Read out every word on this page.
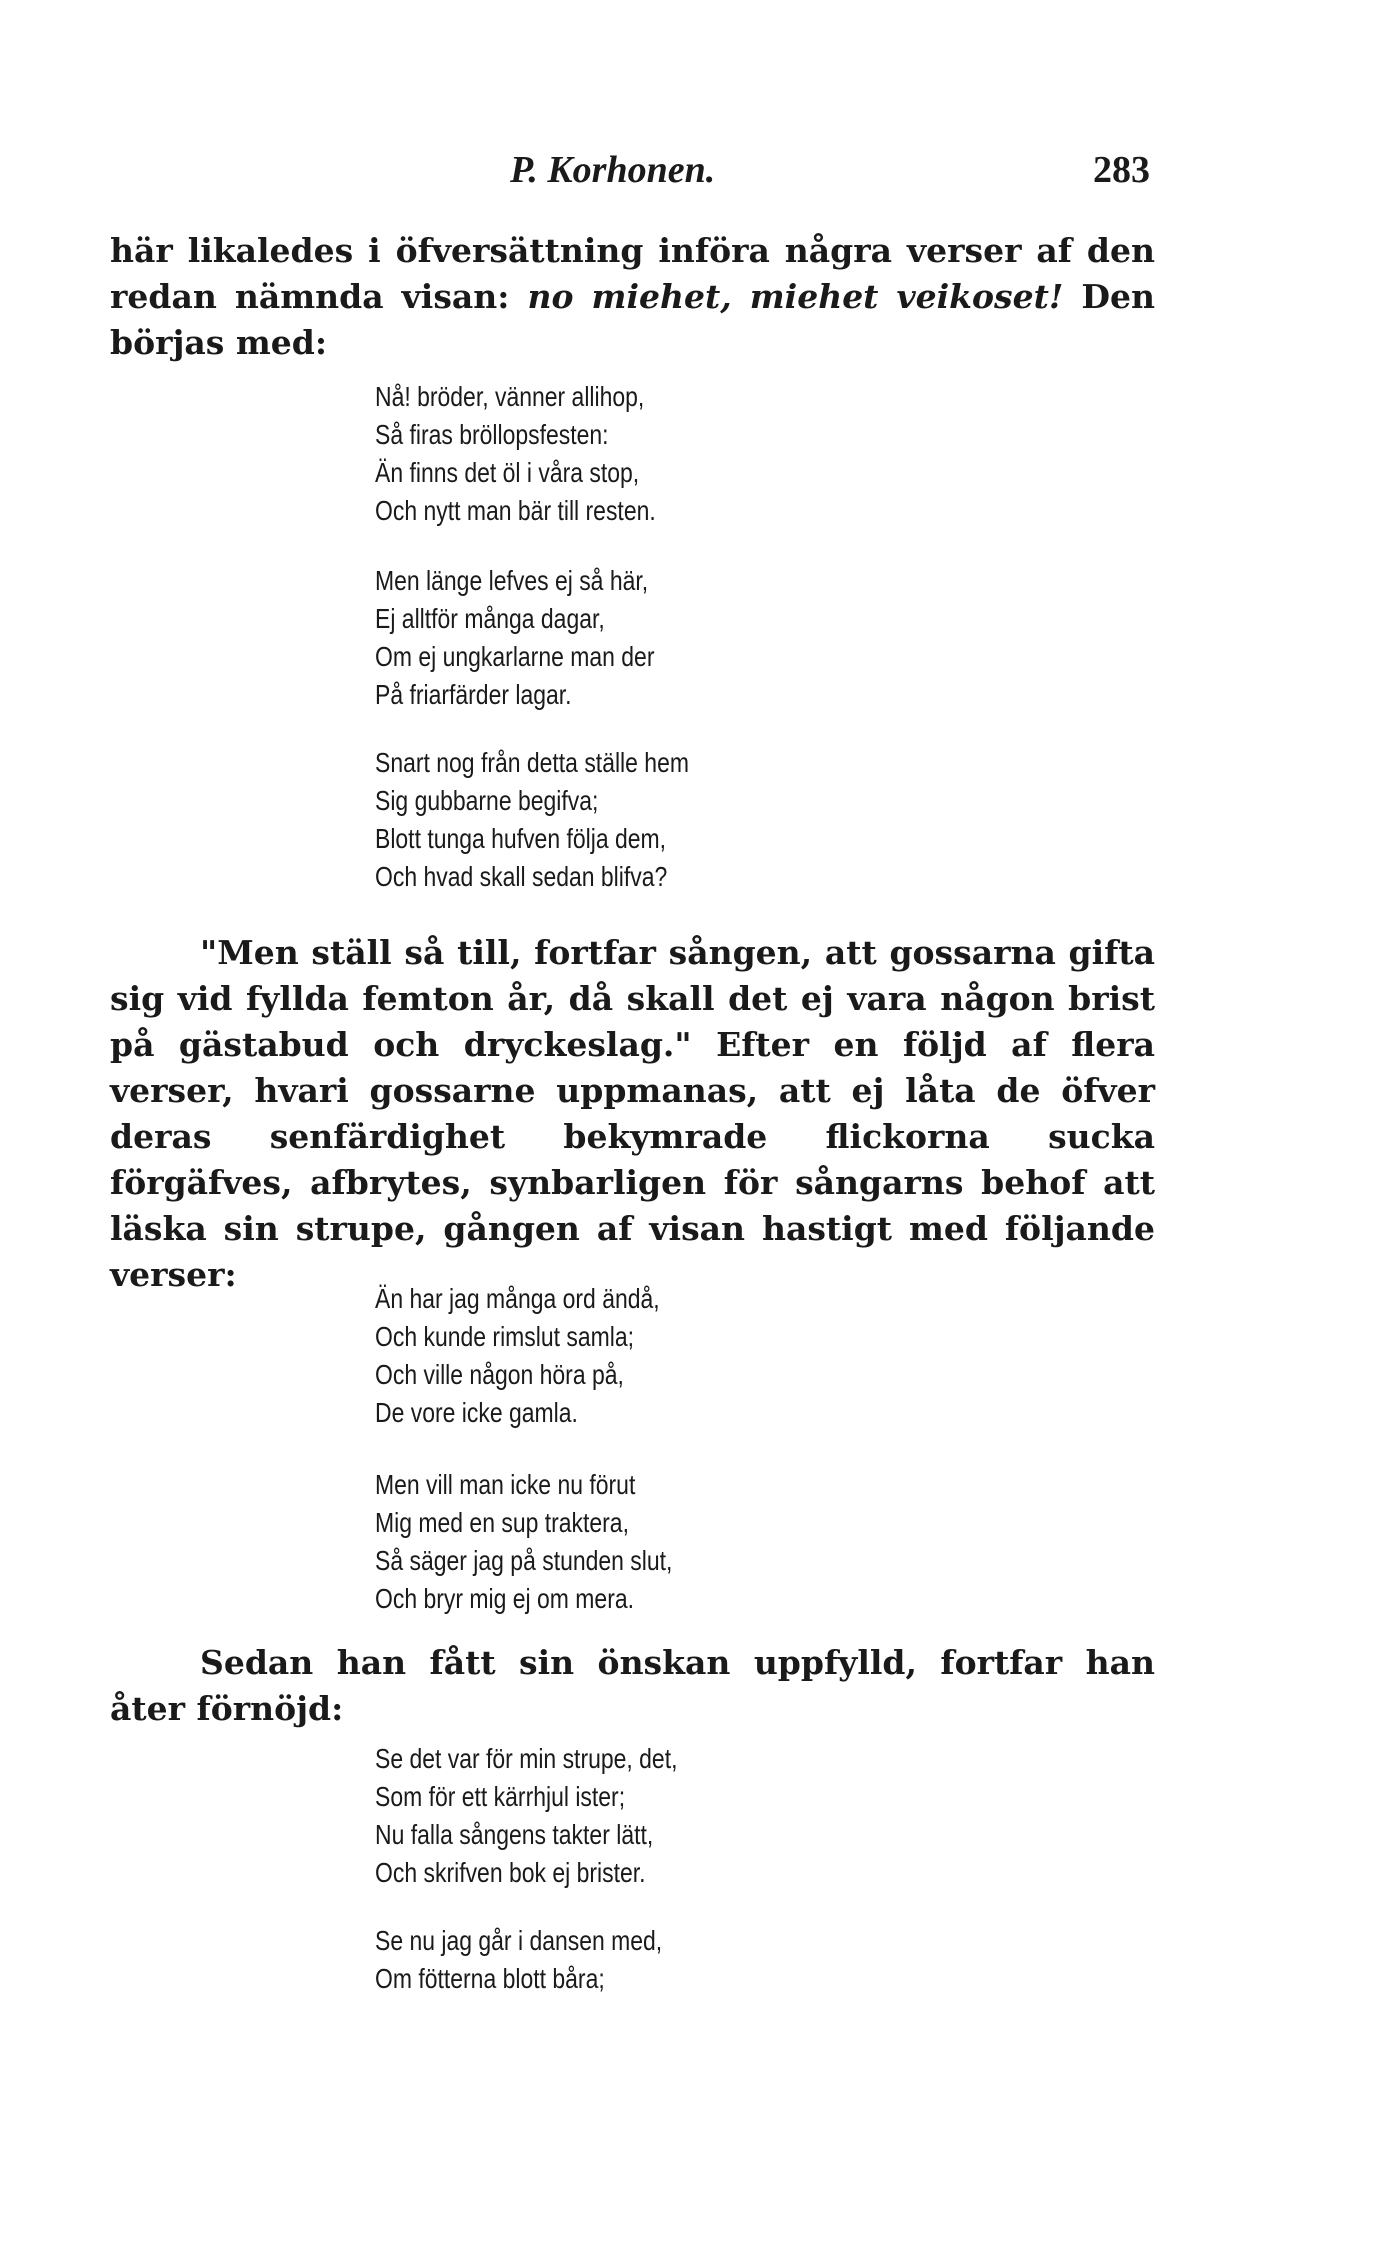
P. Korhonen.	283

här likaledes i öfversättning införa några verser af den redan nämnda visan: no miehet, miehet veikoset! Den börjas med:

Nå! bröder, vänner allihop,
Så firas bröllopsfesten:
Än finns det öl i våra stop,
Och nytt man bär till resten.
Men länge lefves ej så här,
Ej alltför många dagar,
Om ej ungkarlarne man der
På friarfärder lagar.
Snart nog från detta ställe hem
Sig gubbarne begifva;
Blott tunga hufven följa dem,
Och hvad skall sedan blifva?

"Men ställ så till, fortfar sången, att gossarna gifta sig vid fyllda femton år, då skall det ej vara någon brist på gästabud och dryckeslag." Efter en följd af flera verser, hvari gossarne uppmanas, att ej låta de öfver deras senfärdighet bekymrade flickorna sucka förgäfves, afbrytes, synbarligen för sångarns behof att läska sin strupe, gången af visan hastigt med följande verser:

Än har jag många ord ändå,
Och kunde rimslut samla;
Och ville någon höra på,
De vore icke gamla.
Men vill man icke nu förut
Mig med en sup traktera,
Så säger jag på stunden slut,
Och bryr mig ej om mera.

Sedan han fått sin önskan uppfylld, fortfar han åter förnöjd:

Se det var för min strupe, det,
Som för ett kärrhjul ister;
Nu falla sångens takter lätt,
Och skrifven bok ej brister.
Se nu jag går i dansen med,
Om fötterna blott båra;
